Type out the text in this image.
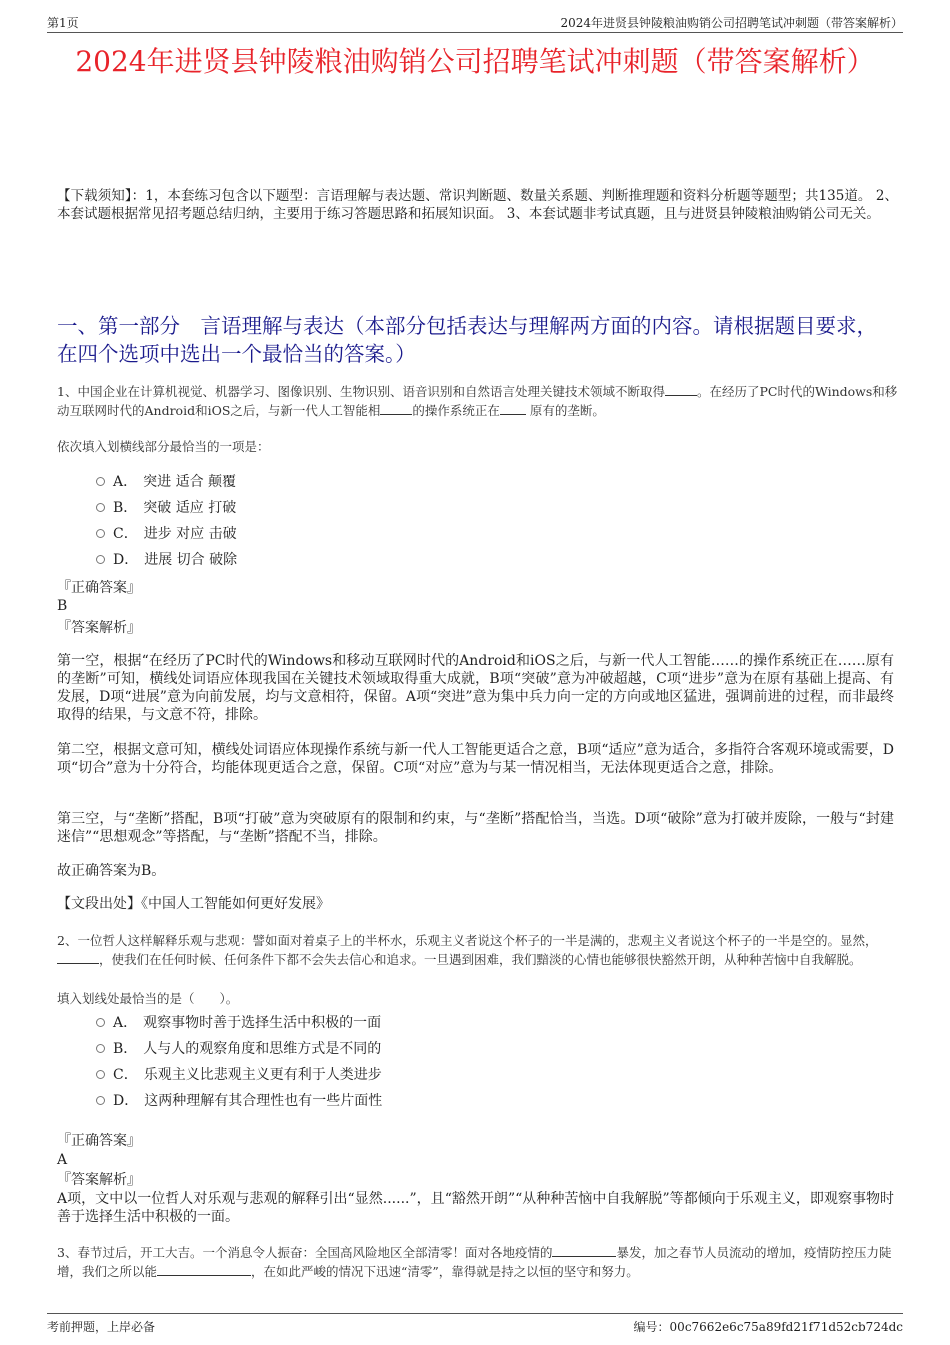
第1页	2024年进贤县钟陵粮油购销公司招聘笔试冲刺题（带答案解析）
2024年进贤县钟陵粮油购销公司招聘笔试冲刺题（带答案解析）
【下载须知】：1，本套练习包含以下题型：言语理解与表达题、常识判断题、数量关系题、判断推理题和资料分析题等题型；共135道。 2、本套试题根据常见招考题总结归纳，主要用于练习答题思路和拓展知识面。 3、本套试题非考试真题，且与进贤县钟陵粮油购销公司无关。
一、第一部分　言语理解与表达（本部分包括表达与理解两方面的内容。请根据题目要求，在四个选项中选出一个最恰当的答案。）
1、中国企业在计算机视觉、机器学习、图像识别、生物识别、语音识别和自然语言处理关键技术领域不断取得	。在经历了PC时代的Windows和移动互联网时代的Android和iOS之后，与新一代人工智能相	的操作系统正在 原有的垄断。
依次填入划横线部分最恰当的一项是：
A． 突进 适合 颠覆
B． 突破 适应 打破
C． 进步 对应 击破
D． 进展 切合 破除
『正确答案』
B
『答案解析』
第一空，根据“在经历了PC时代的Windows和移动互联网时代的Android和iOS之后，与新一代人工智能……的操作系统正在……原有的垄断”可知，横线处词语应体现我国在关键技术领域取得重大成就，B项“突破”意为冲破超越，C项“进步”意为在原有基础上提高、有发展，D项“进展”意为向前发展，均与文意相符，保留。A项“突进”意为集中兵力向一定的方向或地区猛进，强调前进的过程，而非最终取得的结果，与文意不符，排除。
第二空，根据文意可知，横线处词语应体现操作系统与新一代人工智能更适合之意，B项“适应”意为适合，多指符合客观环境或需要，D项“切合”意为十分符合，均能体现更适合之意，保留。C项“对应”意为与某一情况相当，无法体现更适合之意，排除。
第三空，与“垄断”搭配，B项“打破”意为突破原有的限制和约束，与“垄断”搭配恰当，当选。D项“破除”意为打破并废除，一般与“封建迷信”“思想观念”等搭配，与“垄断”搭配不当，排除。
故正确答案为B。
【文段出处】《中国人工智能如何更好发展》
2、一位哲人这样解释乐观与悲观：譬如面对着桌子上的半杯水，乐观主义者说这个杯子的一半是满的，悲观主义者说这个杯子的一半是空的。显然，，使我们在任何时候、任何条件下都不会失去信心和追求。一旦遇到困难，我们黯淡的心情也能够很快豁然开朗，从种种苦恼中自我解脱。
填入划线处最恰当的是（　　）。
A． 观察事物时善于选择生活中积极的一面
B． 人与人的观察角度和思维方式是不同的
C． 乐观主义比悲观主义更有利于人类进步
D． 这两种理解有其合理性也有一些片面性
『正确答案』
A
『答案解析』
A项，文中以一位哲人对乐观与悲观的解释引出“显然......”，且“豁然开朗”“从种种苦恼中自我解脱”等都倾向于乐观主义，即观察事物时善于选择生活中积极的一面。
3、春节过后，开工大吉。一个消息令人振奋：全国高风险地区全部清零！面对各地疫情的	暴发，加之春节人员流动的增加，疫情防控压力陡增，我们之所以能	，在如此严峻的情况下迅速“清零”，靠得就是持之以恒的坚守和努力。
考前押题，上岸必备	编号：00c7662e6c75a89fd21f71d52cb724dc
